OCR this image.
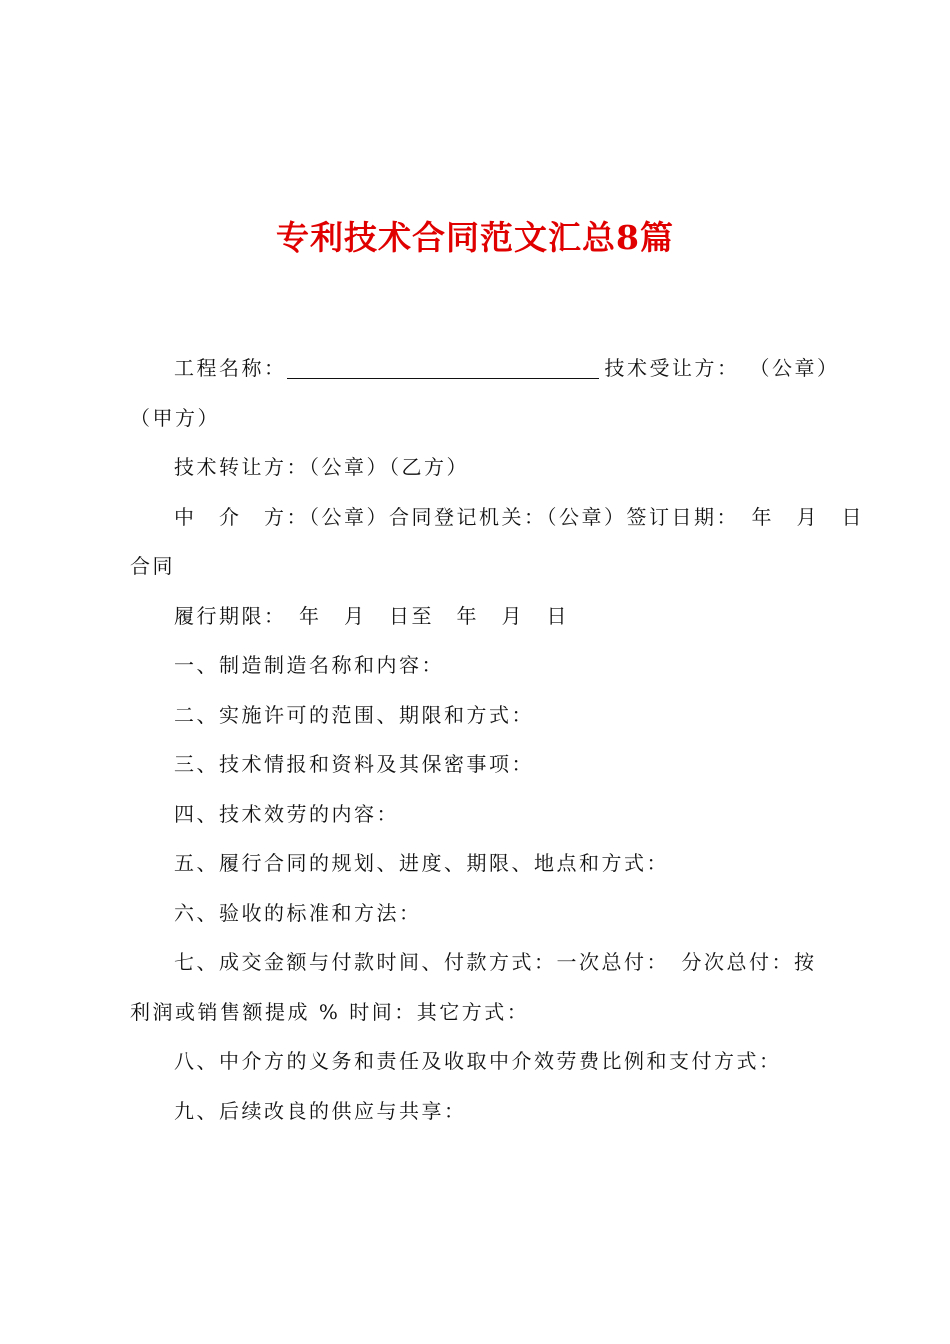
专利技术合同范文汇总8篇

工程名称：	技术受让方： （公章）（甲方）

技术转让方：（公章）（乙方）

中　介　方：（公章）合同登记机关：（公章）签订日期：　年　月　日

合同

履行期限：　年　月　日至　年　月　日

一、制造制造名称和内容：

二、实施许可的范围、期限和方式：

三、技术情报和资料及其保密事项：

四、技术效劳的内容：

五、履行合同的规划、进度、期限、地点和方式：

六、验收的标准和方法：

七、成交金额与付款时间、付款方式：一次总付：　分次总付：按利润或销售额提成 % 时间：其它方式：

八、中介方的义务和责任及收取中介效劳费比例和支付方式：

九、后续改良的供应与共享：
